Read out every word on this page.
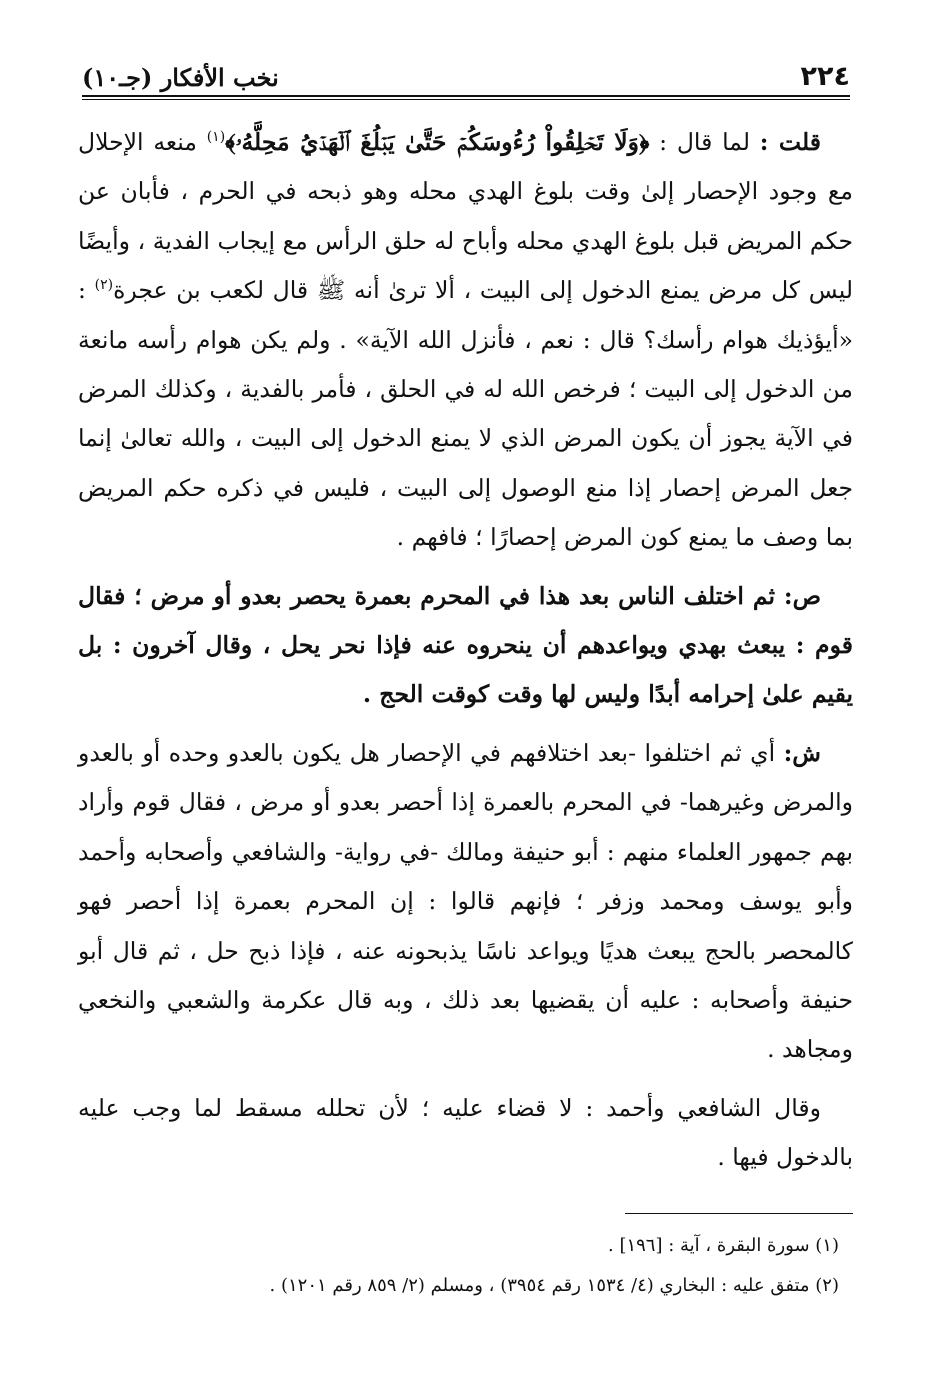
٢٢٤
نخب الأفكار (جـ١٠)

قلت : لما قال : ﴿وَلَا تَحۡلِقُواْ رُءُوسَكُمۡ حَتَّىٰ يَبۡلُغَ ٱلۡهَدۡيُ مَحِلَّهُۥ﴾$^{(١)}$ منعه الإحلال مع وجود الإحصار إلىٰ وقت بلوغ الهدي محله وهو ذبحه في الحرم ، فأبان عن حكم المريض قبل بلوغ الهدي محله وأباح له حلق الرأس مع إيجاب الفدية ، وأيضًا ليس كل مرض يمنع الدخول إلى البيت ، ألا ترىٰ أنه ﷺ قال لكعب بن عجرة$^{(٢)}$ : «أيؤذيك هوام رأسك؟ قال : نعم ، فأنزل الله الآية» . ولم يكن هوام رأسه مانعة من الدخول إلى البيت ؛ فرخص الله له في الحلق ، فأمر بالفدية ، وكذلك المرض في الآية يجوز أن يكون المرض الذي لا يمنع الدخول إلى البيت ، والله تعالىٰ إنما جعل المرض إحصار إذا منع الوصول إلى البيت ، فليس في ذكره حكم المريض بما وصف ما يمنع كون المرض إحصارًا ؛ فافهم .

ص: ثم اختلف الناس بعد هذا في المحرم بعمرة يحصر بعدو أو مرض ؛ فقال قوم : يبعث بهدي ويواعدهم أن ينحروه عنه فإذا نحر يحل ، وقال آخرون : بل يقيم علىٰ إحرامه أبدًا وليس لها وقت كوقت الحج .

ش: أي ثم اختلفوا -بعد اختلافهم في الإحصار هل يكون بالعدو وحده أو بالعدو والمرض وغيرهما- في المحرم بالعمرة إذا أحصر بعدو أو مرض ، فقال قوم وأراد بهم جمهور العلماء منهم : أبو حنيفة ومالك -في رواية- والشافعي وأصحابه وأحمد وأبو يوسف ومحمد وزفر ؛ فإنهم قالوا : إن المحرم بعمرة إذا أحصر فهو كالمحصر بالحج يبعث هديًا ويواعد ناسًا يذبحونه عنه ، فإذا ذبح حل ، ثم قال أبو حنيفة وأصحابه : عليه أن يقضيها بعد ذلك ، وبه قال عكرمة والشعبي والنخعي ومجاهد .

وقال الشافعي وأحمد : لا قضاء عليه ؛ لأن تحلله مسقط لما وجب عليه بالدخول فيها .

(١) سورة البقرة ، آية : [١٩٦] .
(٢) متفق عليه : البخاري (٤/ ١٥٣٤ رقم ٣٩٥٤) ، ومسلم (٢/ ٨٥٩ رقم ١٢٠١) .
